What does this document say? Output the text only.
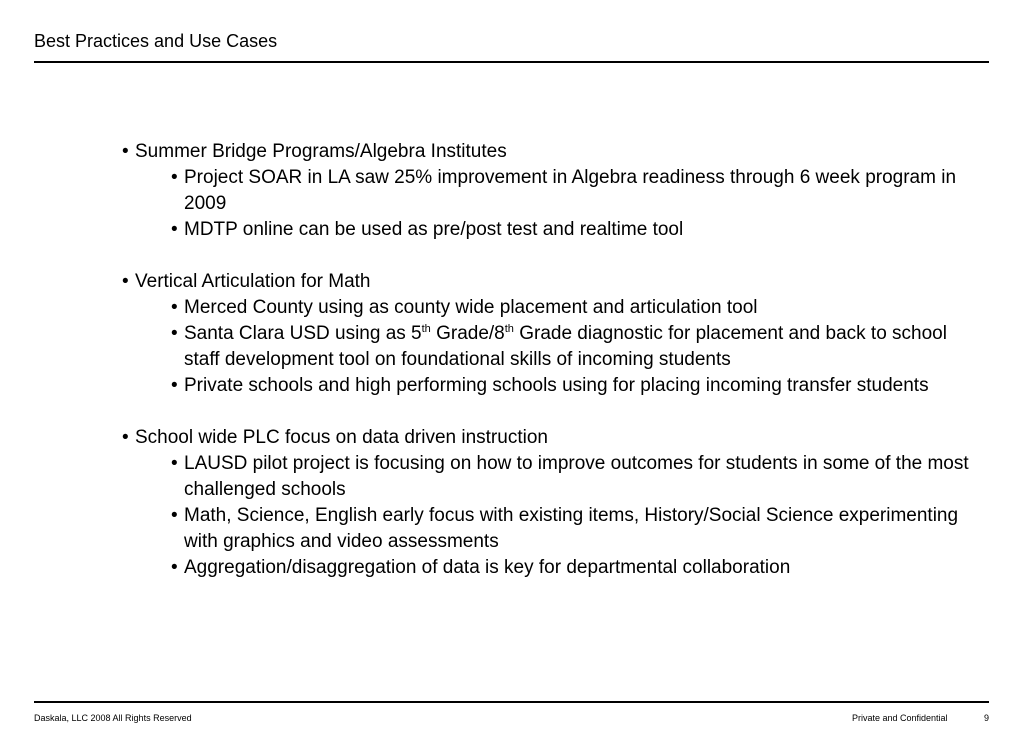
Best Practices and Use Cases
• Summer Bridge Programs/Algebra Institutes
• Project SOAR in LA saw 25% improvement in Algebra readiness through 6 week program in 2009
• MDTP online can be used as pre/post test and realtime tool
• Vertical Articulation for Math
• Merced County using as county wide placement and articulation tool
• Santa Clara USD using as 5th Grade/8th Grade diagnostic for placement and back to school staff development tool on foundational skills of incoming students
• Private schools and high performing schools using for placing incoming transfer students
• School wide PLC focus on data driven instruction
• LAUSD pilot project is focusing on how to improve outcomes for students in some of the most challenged schools
• Math, Science, English early focus with existing items, History/Social Science experimenting with graphics and video assessments
• Aggregation/disaggregation of data is key for departmental collaboration
Daskala, LLC 2008 All Rights Reserved	Private and Confidential	9
